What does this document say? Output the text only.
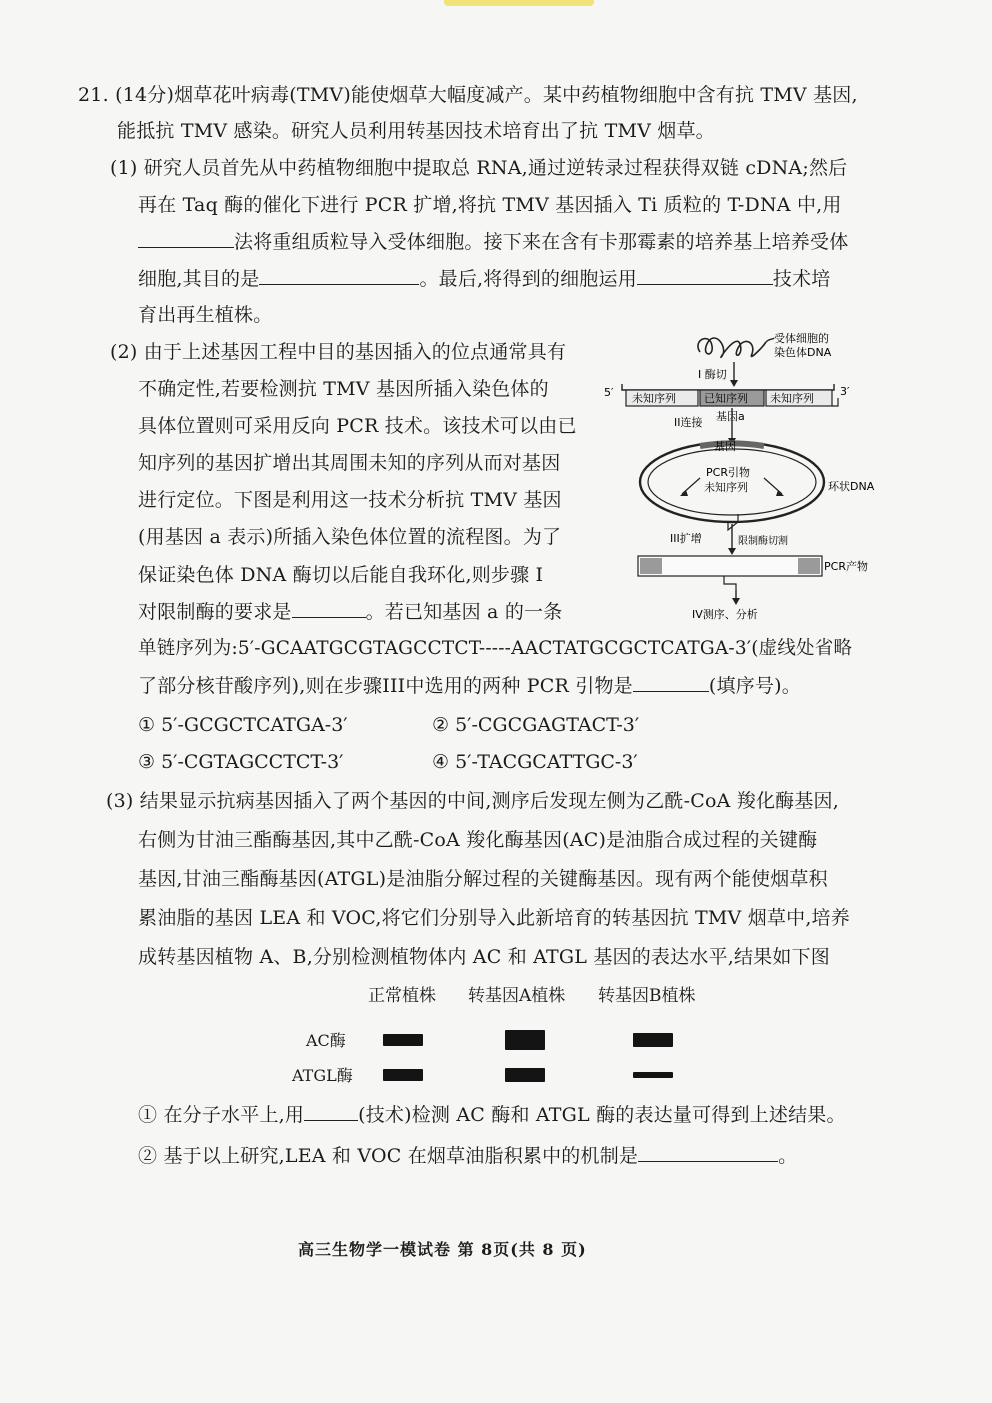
21. (14分)烟草花叶病毒(TMV)能使烟草大幅度减产。某中药植物细胞中含有抗 TMV 基因,
能抵抗 TMV 感染。研究人员利用转基因技术培育出了抗 TMV 烟草。
(1) 研究人员首先从中药植物细胞中提取总 RNA,通过逆转录过程获得双链 cDNA;然后
再在 Taq 酶的催化下进行 PCR 扩增,将抗 TMV 基因插入 Ti 质粒的 T-DNA 中,用
法将重组质粒导入受体细胞。接下来在含有卡那霉素的培养基上培养受体
细胞,其目的是	。最后,将得到的细胞运用	技术培
育出再生植株。
(2) 由于上述基因工程中目的基因插入的位点通常具有
不确定性,若要检测抗 TMV 基因所插入染色体的
具体位置则可采用反向 PCR 技术。该技术可以由已
知序列的基因扩增出其周围未知的序列从而对基因
进行定位。下图是利用这一技术分析抗 TMV 基因
(用基因 a 表示)所插入染色体位置的流程图。为了
保证染色体 DNA 酶切以后能自我环化,则步骤 I
对限制酶的要求是	。若已知基因 a 的一条
单链序列为:5′-GCAATGCGTAGCCTCT-----AACTATGCGCTCATGA-3′(虚线处省略
了部分核苷酸序列),则在步骤III中选用的两种 PCR 引物是	(填序号)。
① 5′-GCGCTCATGA-3′	② 5′-CGCGAGTACT-3′
③ 5′-CGTAGCCTCT-3′	④ 5′-TACGCATTGC-3′
受体细胞的
染色体DNA
I 酶切
5′	3′
未知序列	已知序列 未知序列
II连接 基因a
基因
PCR引物
未知序列	环状DNA
III扩增	限制酶切割
PCR产物
IV测序、分析
(3) 结果显示抗病基因插入了两个基因的中间,测序后发现左侧为乙酰-CoA 羧化酶基因,
右侧为甘油三酯酶基因,其中乙酰-CoA 羧化酶基因(AC)是油脂合成过程的关键酶
基因,甘油三酯酶基因(ATGL)是油脂分解过程的关键酶基因。现有两个能使烟草积
累油脂的基因 LEA 和 VOC,将它们分别导入此新培育的转基因抗 TMV 烟草中,培养
成转基因植物 A、B,分别检测植物体内 AC 和 ATGL 基因的表达水平,结果如下图
正常植株 转基因A植株 转基因B植株
AC酶
ATGL酶
① 在分子水平上,用	(技术)检测 AC 酶和 ATGL 酶的表达量可得到上述结果。
② 基于以上研究,LEA 和 VOC 在烟草油脂积累中的机制是	。
高三生物学一模试卷 第 8页(共 8 页)
